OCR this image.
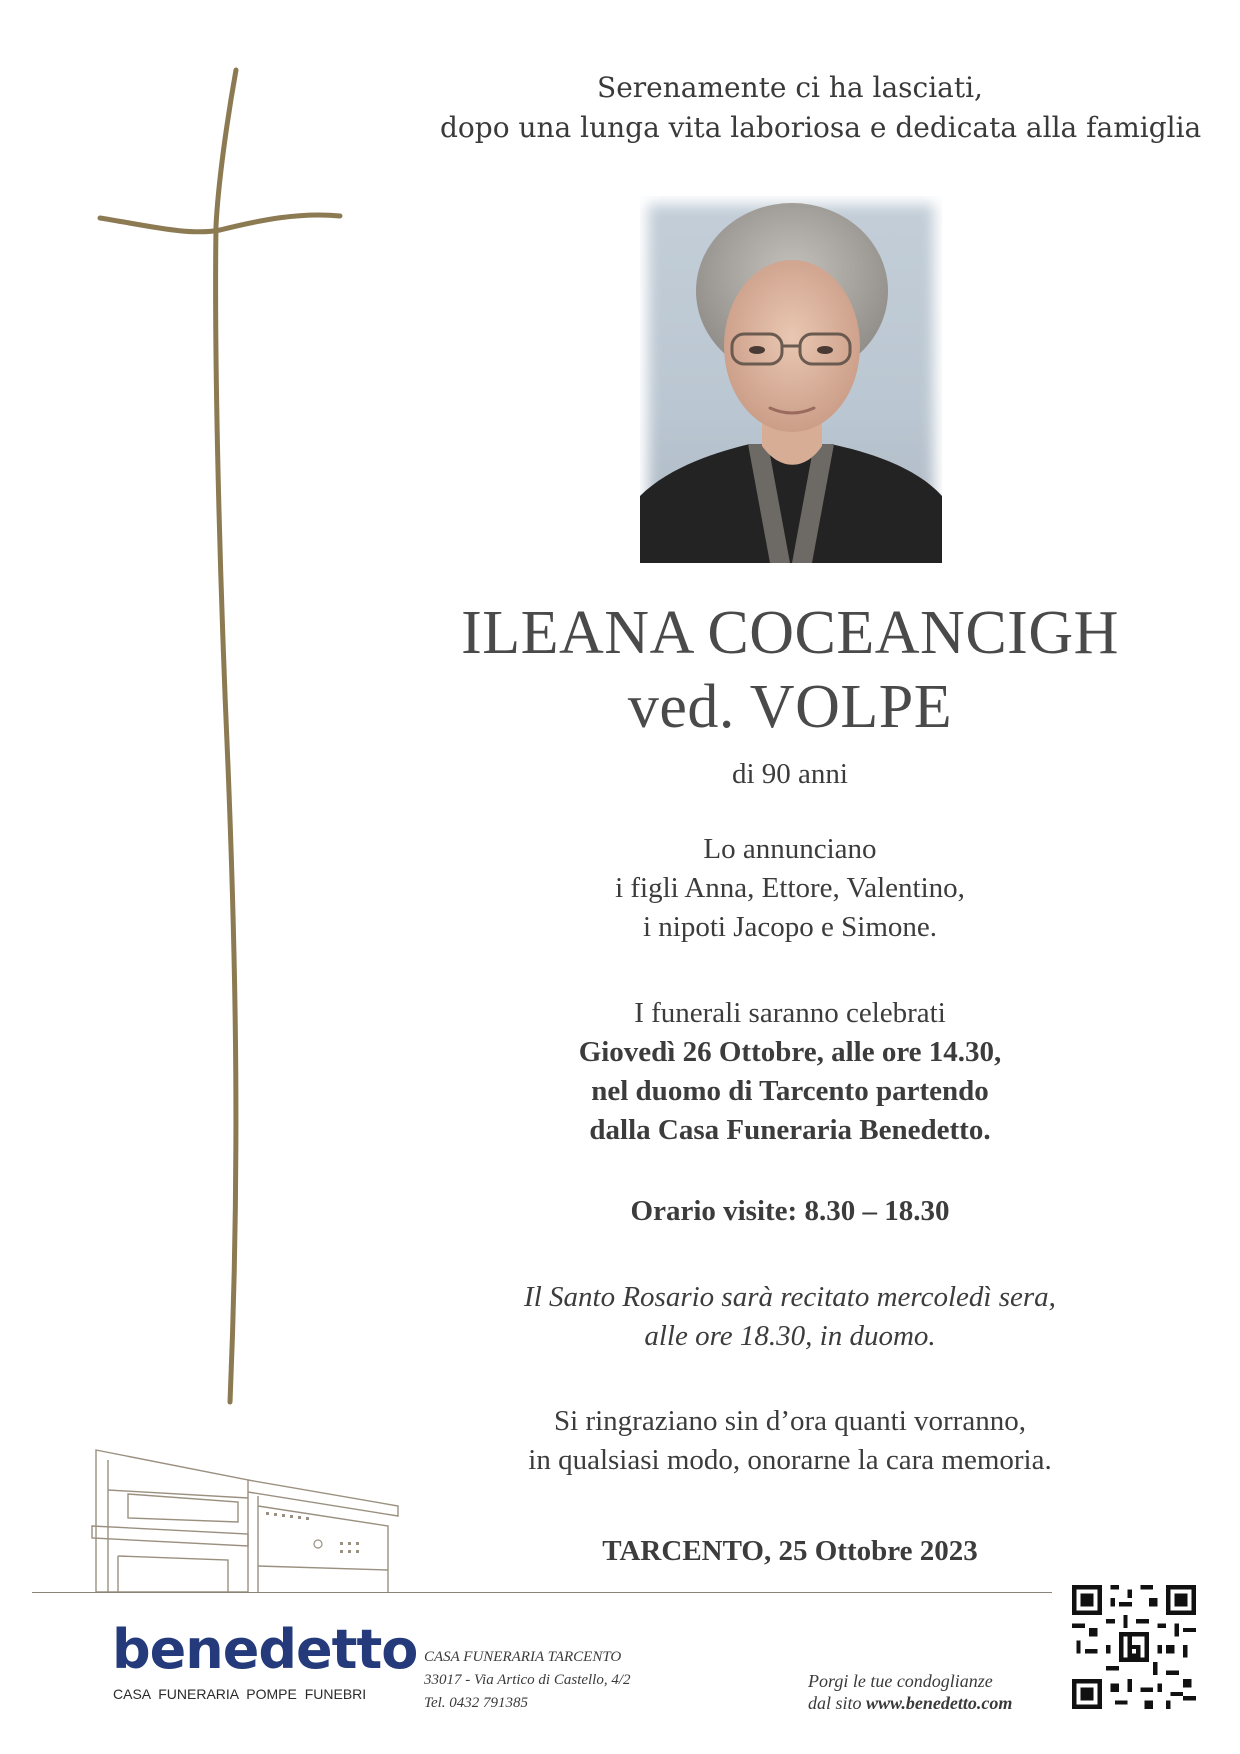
Serenamente ci ha lasciati,
dopo una lunga vita laboriosa e dedicata alla famiglia
ILEANA COCEANCIGH
ved. VOLPE
di 90 anni
Lo annunciano
i figli Anna, Ettore, Valentino,
i nipoti Jacopo e Simone.
I funerali saranno celebrati
Giovedì 26 Ottobre, alle ore 14.30,
nel duomo di Tarcento partendo
dalla Casa Funeraria Benedetto.
Orario visite: 8.30 – 18.30
Il Santo Rosario sarà recitato mercoledì sera,
alle ore 18.30, in duomo.
Si ringraziano sin d’ora quanti vorranno,
in qualsiasi modo, onorarne la cara memoria.
TARCENTO, 25 Ottobre 2023
benedetto
CASA FUNERARIA POMPE FUNEBRI
CASA FUNERARIA TARCENTO
33017 - Via Artico di Castello, 4/2
Tel. 0432 791385
Porgi le tue condoglianze
dal sito www.benedetto.com
